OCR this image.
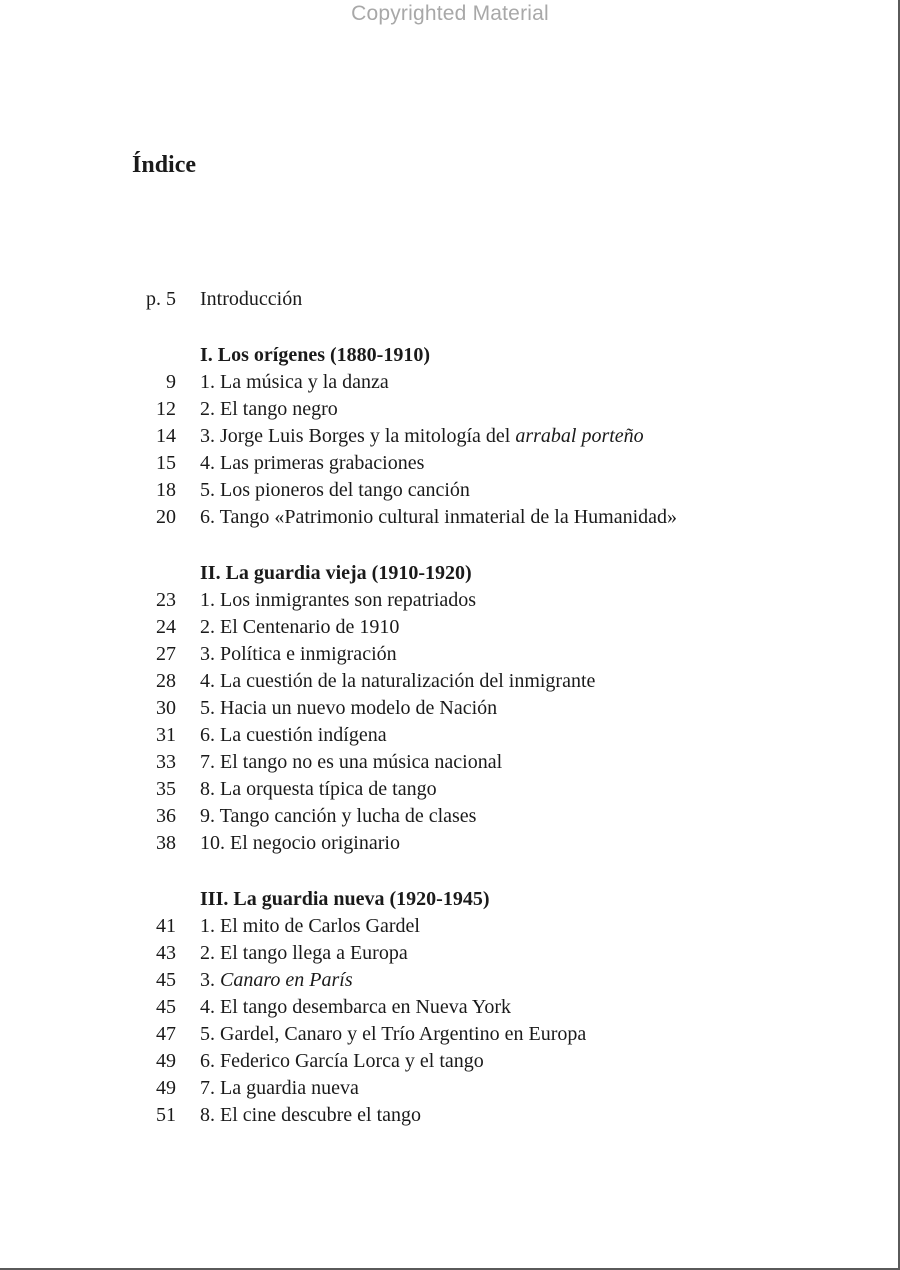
Copyrighted Material
Índice
p. 5 Introducción
I. Los orígenes (1880-1910)
9 1. La música y la danza
12 2. El tango negro
14 3. Jorge Luis Borges y la mitología del arrabal porteño
15 4. Las primeras grabaciones
18 5. Los pioneros del tango canción
20 6. Tango «Patrimonio cultural inmaterial de la Humanidad»
II. La guardia vieja (1910-1920)
23 1. Los inmigrantes son repatriados
24 2. El Centenario de 1910
27 3. Política e inmigración
28 4. La cuestión de la naturalización del inmigrante
30 5. Hacia un nuevo modelo de Nación
31 6. La cuestión indígena
33 7. El tango no es una música nacional
35 8. La orquesta típica de tango
36 9. Tango canción y lucha de clases
38 10. El negocio originario
III. La guardia nueva (1920-1945)
41 1. El mito de Carlos Gardel
43 2. El tango llega a Europa
45 3. Canaro en París
45 4. El tango desembarca en Nueva York
47 5. Gardel, Canaro y el Trío Argentino en Europa
49 6. Federico García Lorca y el tango
49 7. La guardia nueva
51 8. El cine descubre el tango
